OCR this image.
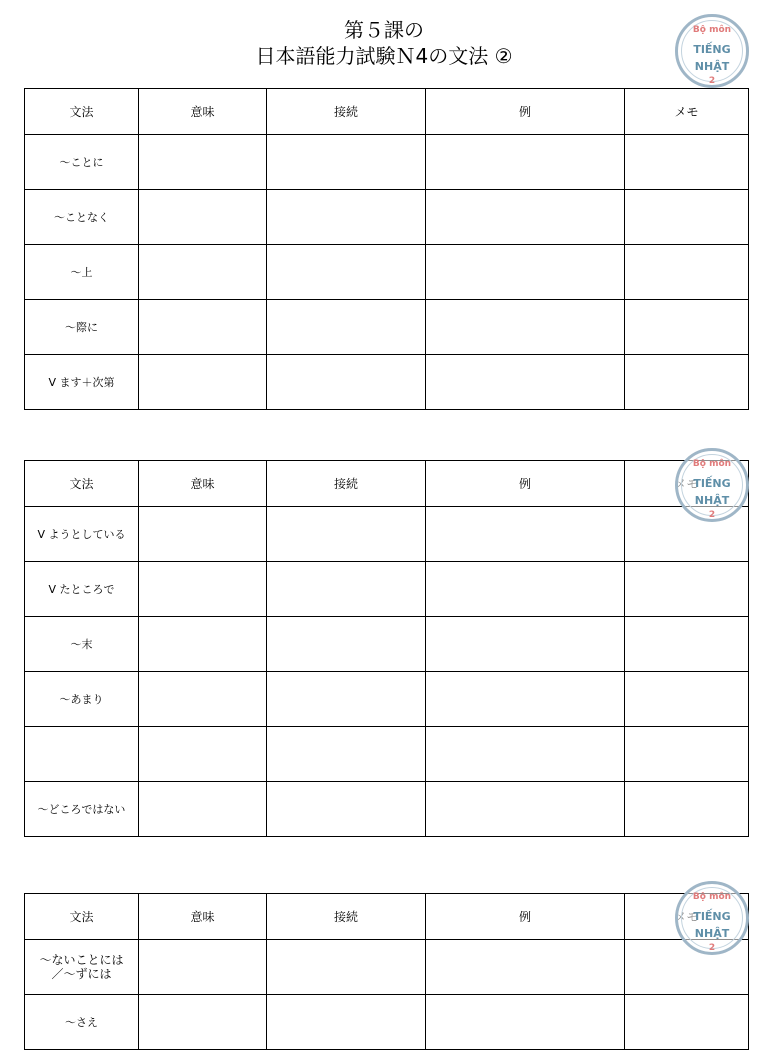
第５課の
日本語能力試験Ｎ4の文法 ②
文法	意味	接続	例	メモ
〜ことに				
〜ことなく				
〜上				
〜際に				
V ます＋次第				
文法	意味	接続	例	
V ようとしている				
V たところで				
〜末				
〜あまり				

〜どころではない				
文法	意味	接続	例	
〜ないことには／〜ずには				
〜さえ				
Bộ môn
TIẾNG
NHẬT
2
Bộ môn
TIẾNG
NHẬT
2
Bộ môn
TIẾNG
NHẬT
2
